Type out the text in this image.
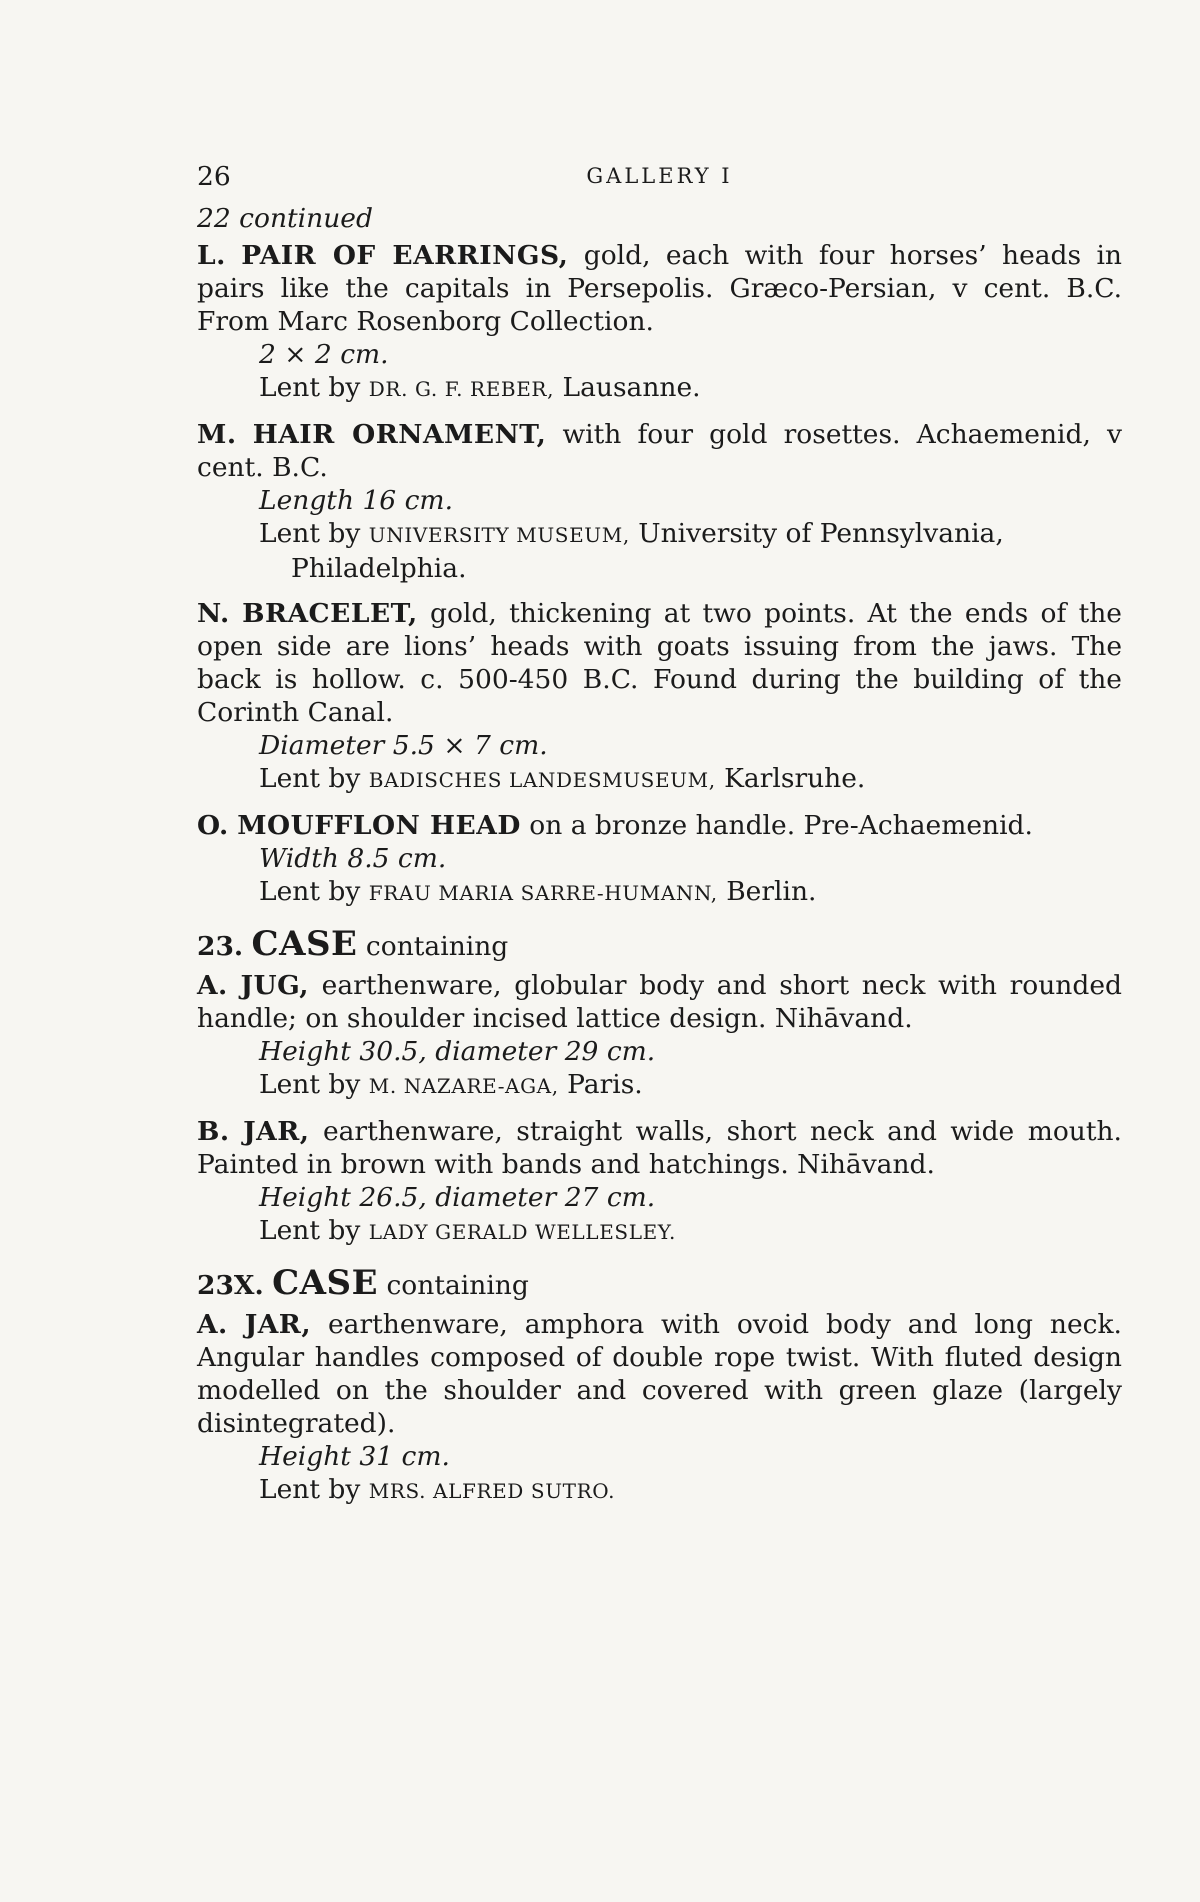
26	GALLERY I

22 continued

L. PAIR OF EARRINGS, gold, each with four horses’ heads in pairs like the capitals in Persepolis. Græco-Persian, v cent. B.C. From Marc Rosenborg Collection.

2 × 2 cm.

Lent by DR. G. F. REBER, Lausanne.

M. HAIR ORNAMENT, with four gold rosettes. Achaemenid, v cent. B.C.

Length 16 cm.

Lent by UNIVERSITY MUSEUM, University of Pennsylvania, Philadelphia.

N. BRACELET, gold, thickening at two points. At the ends of the open side are lions’ heads with goats issuing from the jaws. The back is hollow. c. 500-450 B.C. Found during the building of the Corinth Canal.

Diameter 5.5 × 7 cm.

Lent by BADISCHES LANDESMUSEUM, Karlsruhe.

O. MOUFFLON HEAD on a bronze handle. Pre-Achaemenid.

Width 8.5 cm.

Lent by FRAU MARIA SARRE-HUMANN, Berlin.

23. CASE containing

A. JUG, earthenware, globular body and short neck with rounded handle; on shoulder incised lattice design. Nihāvand.

Height 30.5, diameter 29 cm.

Lent by M. NAZARE-AGA, Paris.

B. JAR, earthenware, straight walls, short neck and wide mouth. Painted in brown with bands and hatchings. Nihāvand.

Height 26.5, diameter 27 cm.

Lent by LADY GERALD WELLESLEY.

23X. CASE containing

A. JAR, earthenware, amphora with ovoid body and long neck. Angular handles composed of double rope twist. With fluted design modelled on the shoulder and covered with green glaze (largely disintegrated).

Height 31 cm.

Lent by MRS. ALFRED SUTRO.
